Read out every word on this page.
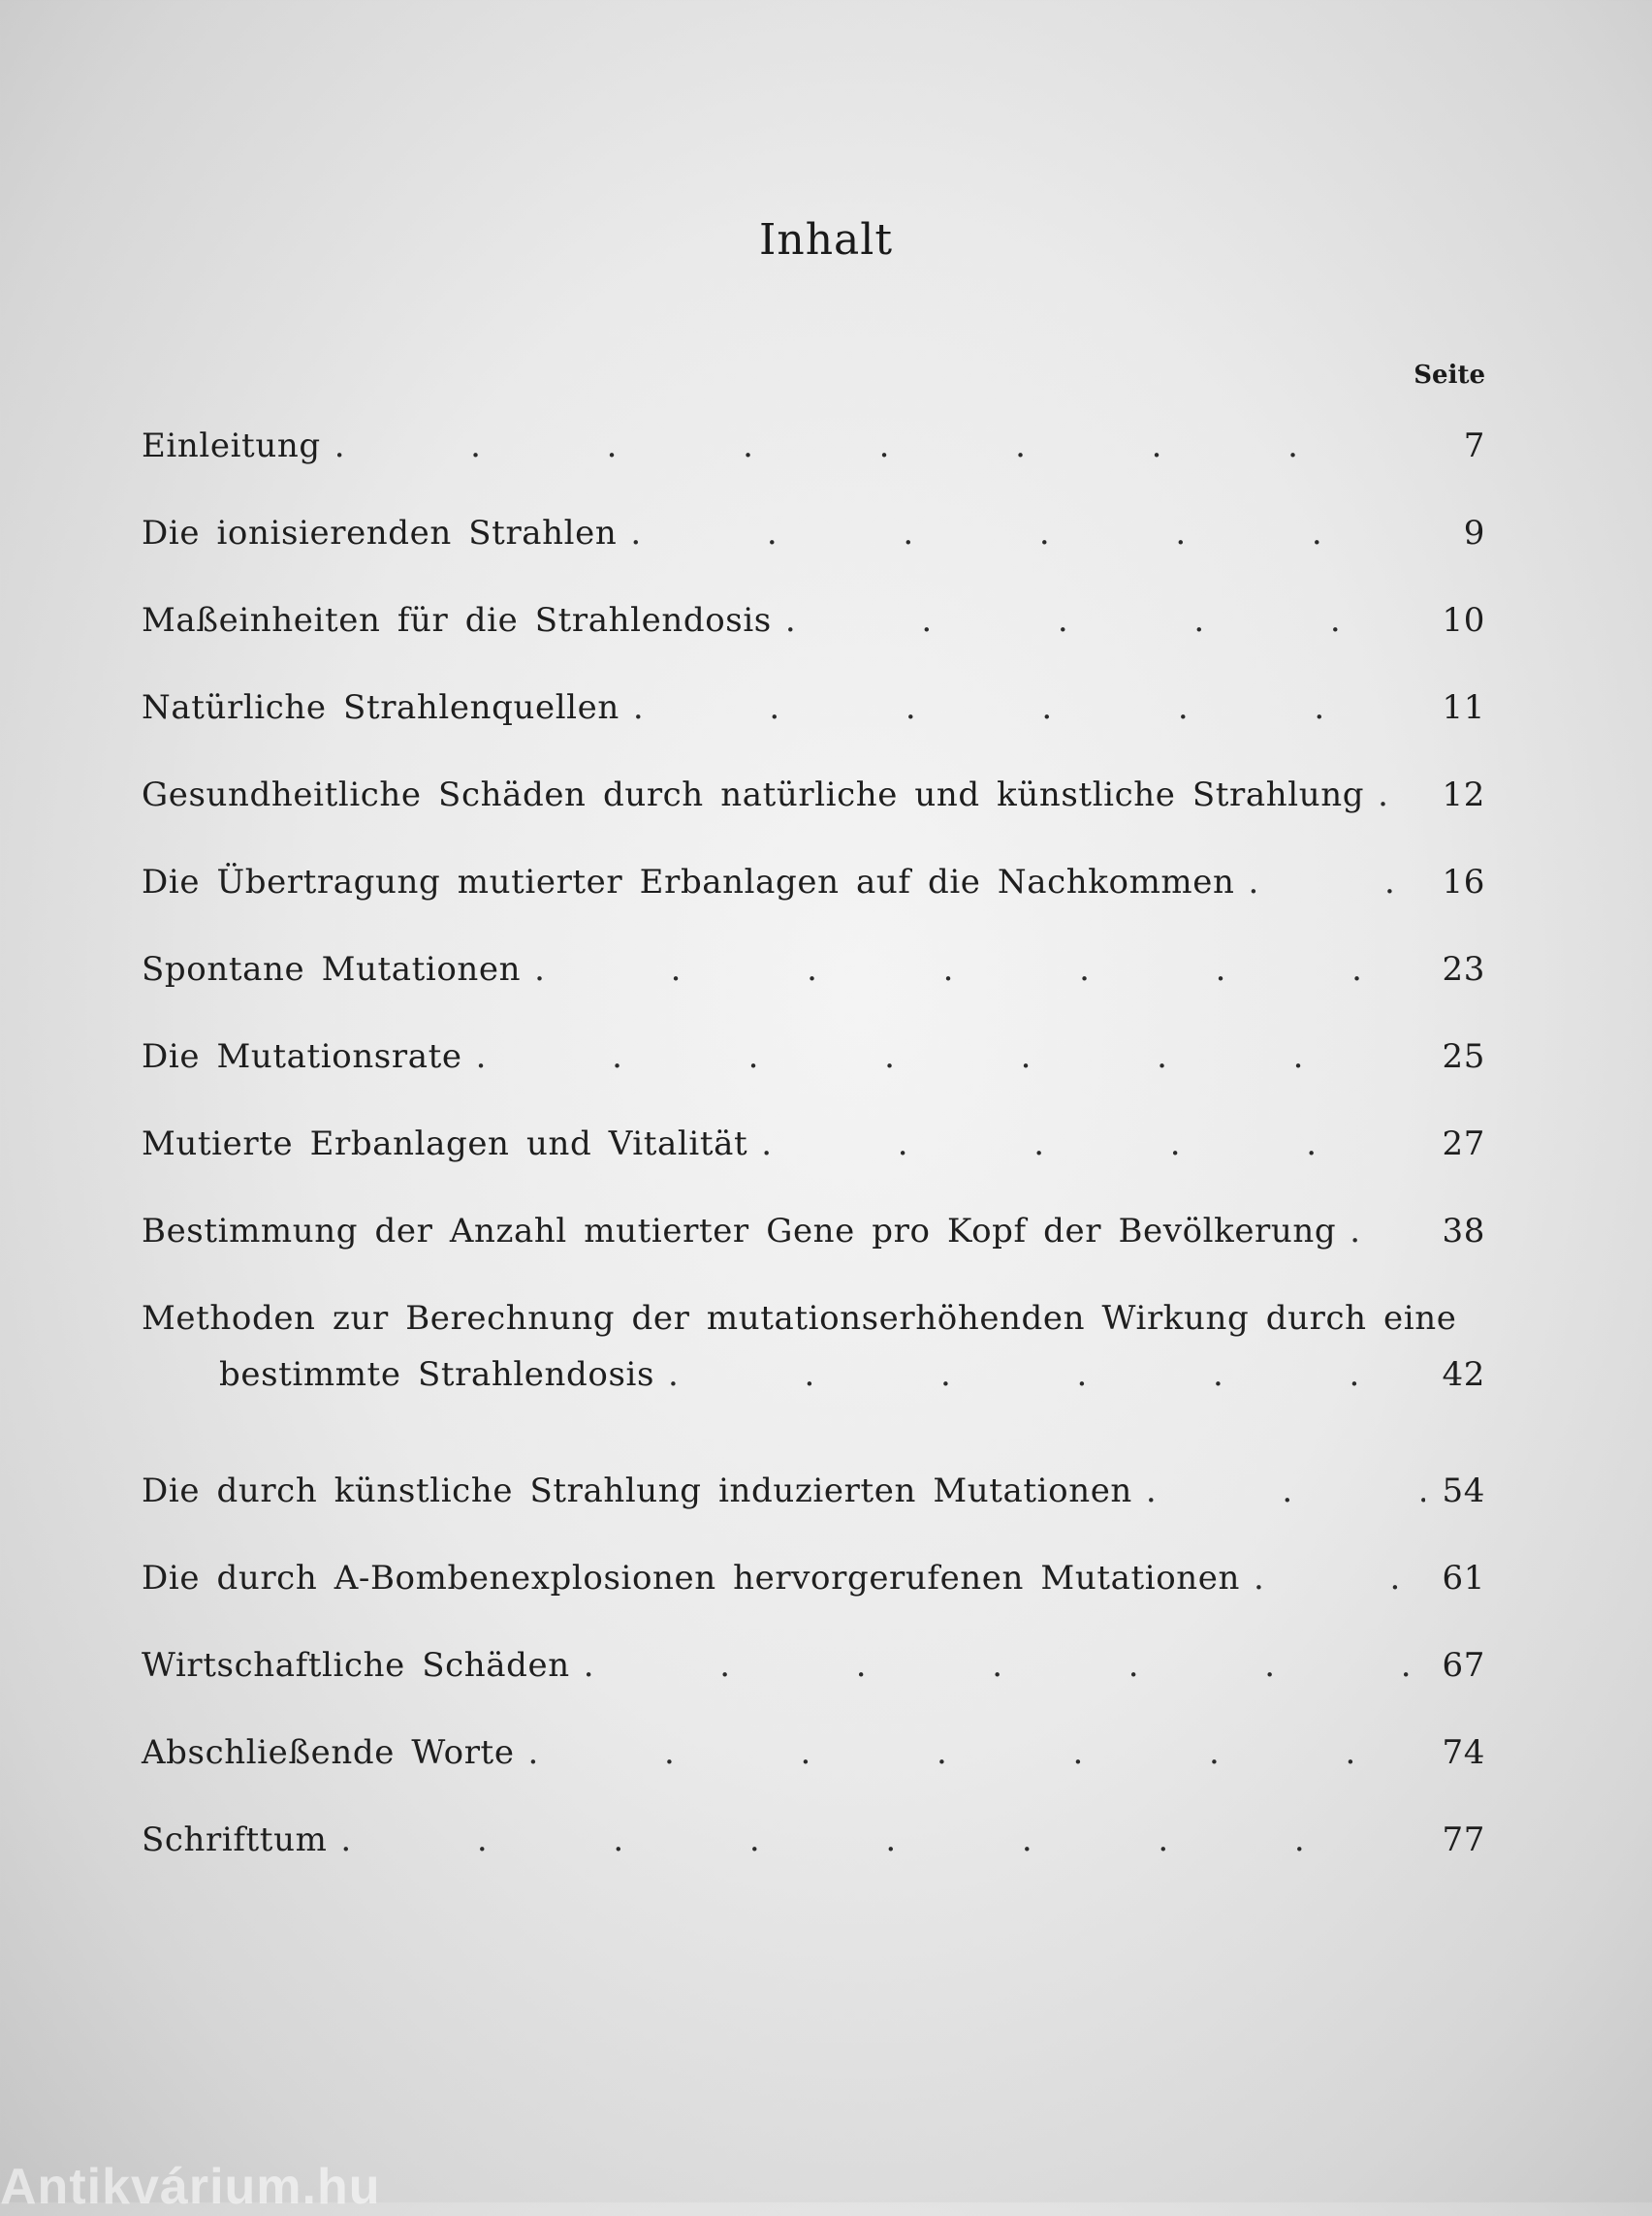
Inhalt
Seite
Einleitung .	7
Die ionisierenden Strahlen .	9
Maßeinheiten für die Strahlendosis .	10
Natürliche Strahlenquellen .	11
Gesundheitliche Schäden durch natürliche und künstliche Strahlung . 12
Die Übertragung mutierter Erbanlagen auf die Nachkommen .	16
Spontane Mutationen .	23
Die Mutationsrate .	25
Mutierte Erbanlagen und Vitalität .	27
Bestimmung der Anzahl mutierter Gene pro Kopf der Bevölkerung .	38
Methoden zur Berechnung der mutationserhöhenden Wirkung durch eine
bestimmte Strahlendosis .	42
Die durch künstliche Strahlung induzierten Mutationen .	54
Die durch A-Bombenexplosionen hervorgerufenen Mutationen .	61
Wirtschaftliche Schäden .	67
Abschließende Worte .	74
Schrifttum .	77
Antikvárium.hu
